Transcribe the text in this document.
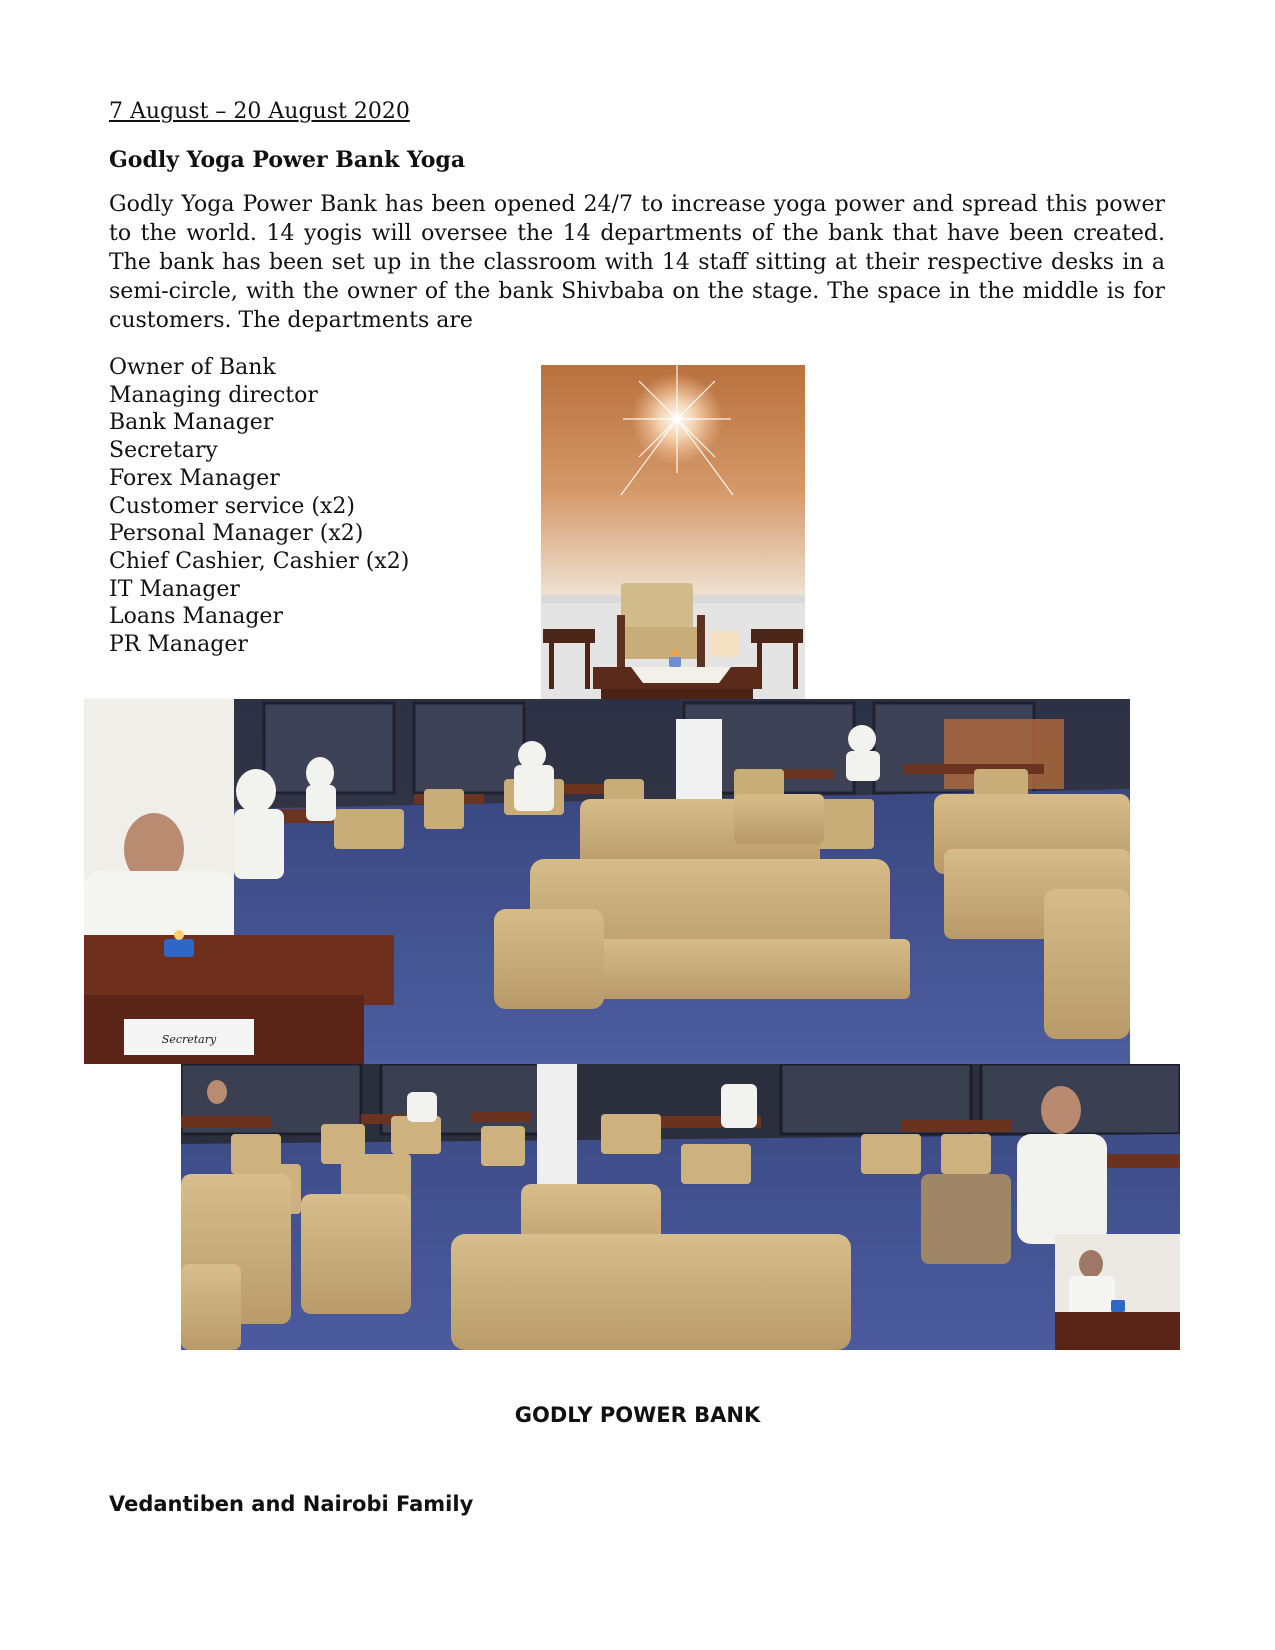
7 August – 20 August 2020
Godly Yoga Power Bank Yoga

Godly Yoga Power Bank has been opened 24/7 to increase yoga power and spread this power to the world. 14 yogis will oversee the 14 departments of the bank that have been created. The bank has been set up in the classroom with 14 staff sitting at their respective desks in a semi-circle, with the owner of the bank Shivbaba on the stage. The space in the middle is for customers. The departments are

Owner of Bank
Managing director
Bank Manager
Secretary
Forex Manager
Customer service (x2)
Personal Manager (x2)
Chief Cashier, Cashier (x2)
IT Manager
Loans Manager
PR Manager
Secretary
GODLY POWER BANK
Vedantiben and Nairobi Family
